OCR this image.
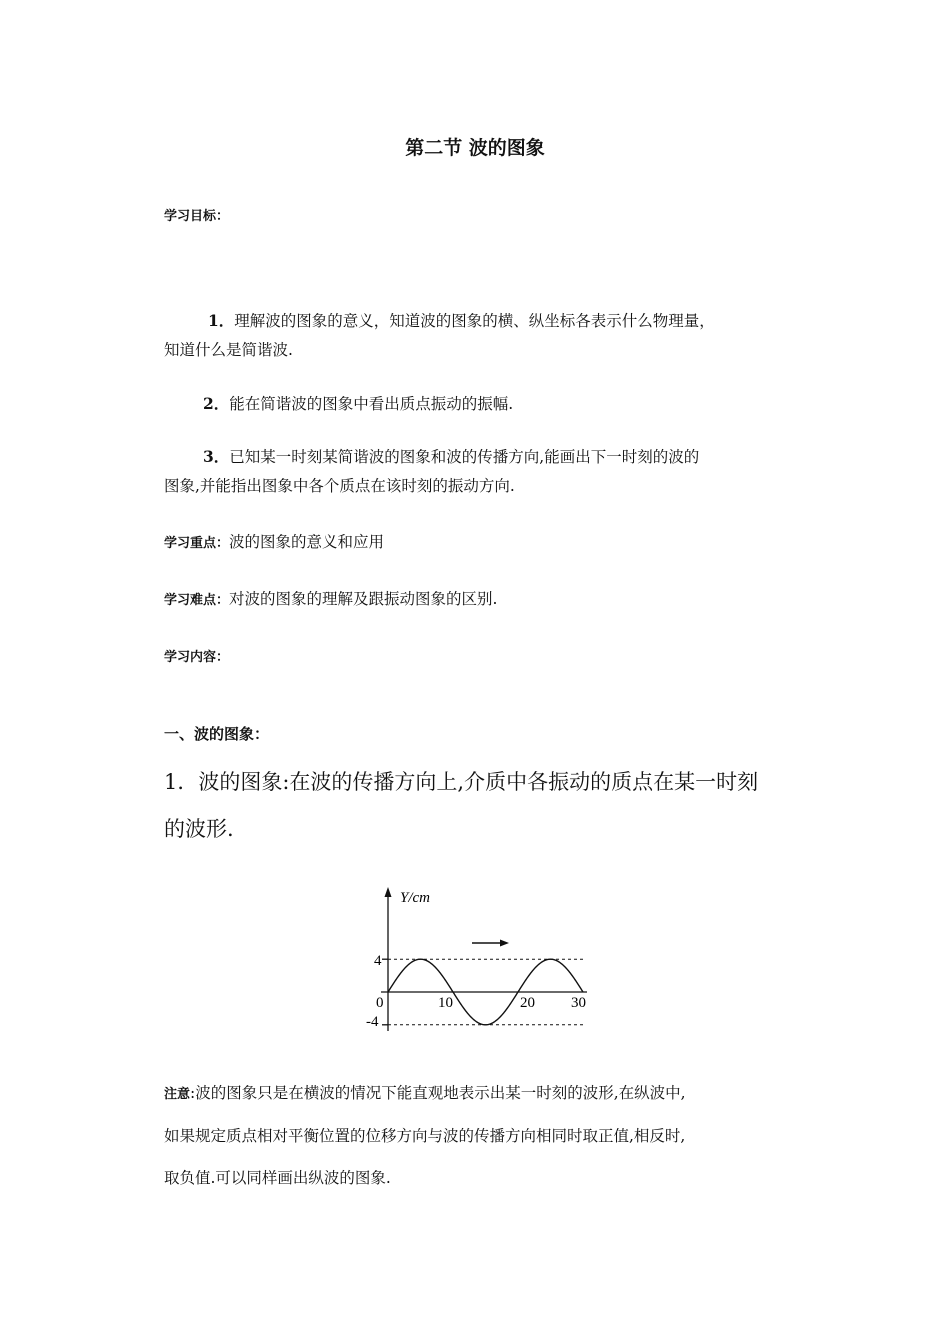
第二节 波的图象
学习目标：
1．理解波的图象的意义，知道波的图象的横、纵坐标各表示什么物理量，
知道什么是简谐波.
2．能在简谐波的图象中看出质点振动的振幅.
3．已知某一时刻某简谐波的图象和波的传播方向,能画出下一时刻的波的
图象,并能指出图象中各个质点在该时刻的振动方向.
学习重点：波的图象的意义和应用
学习难点：对波的图象的理解及跟振动图象的区别.
学习内容：
一、波的图象：
1．波的图象:在波的传播方向上,介质中各振动的质点在某一时刻
的波形.
Y/cm
4
-4
0	10	20 30
注意:波的图象只是在横波的情况下能直观地表示出某一时刻的波形,在纵波中,
如果规定质点相对平衡位置的位移方向与波的传播方向相同时取正值,相反时,
取负值.可以同样画出纵波的图象.
